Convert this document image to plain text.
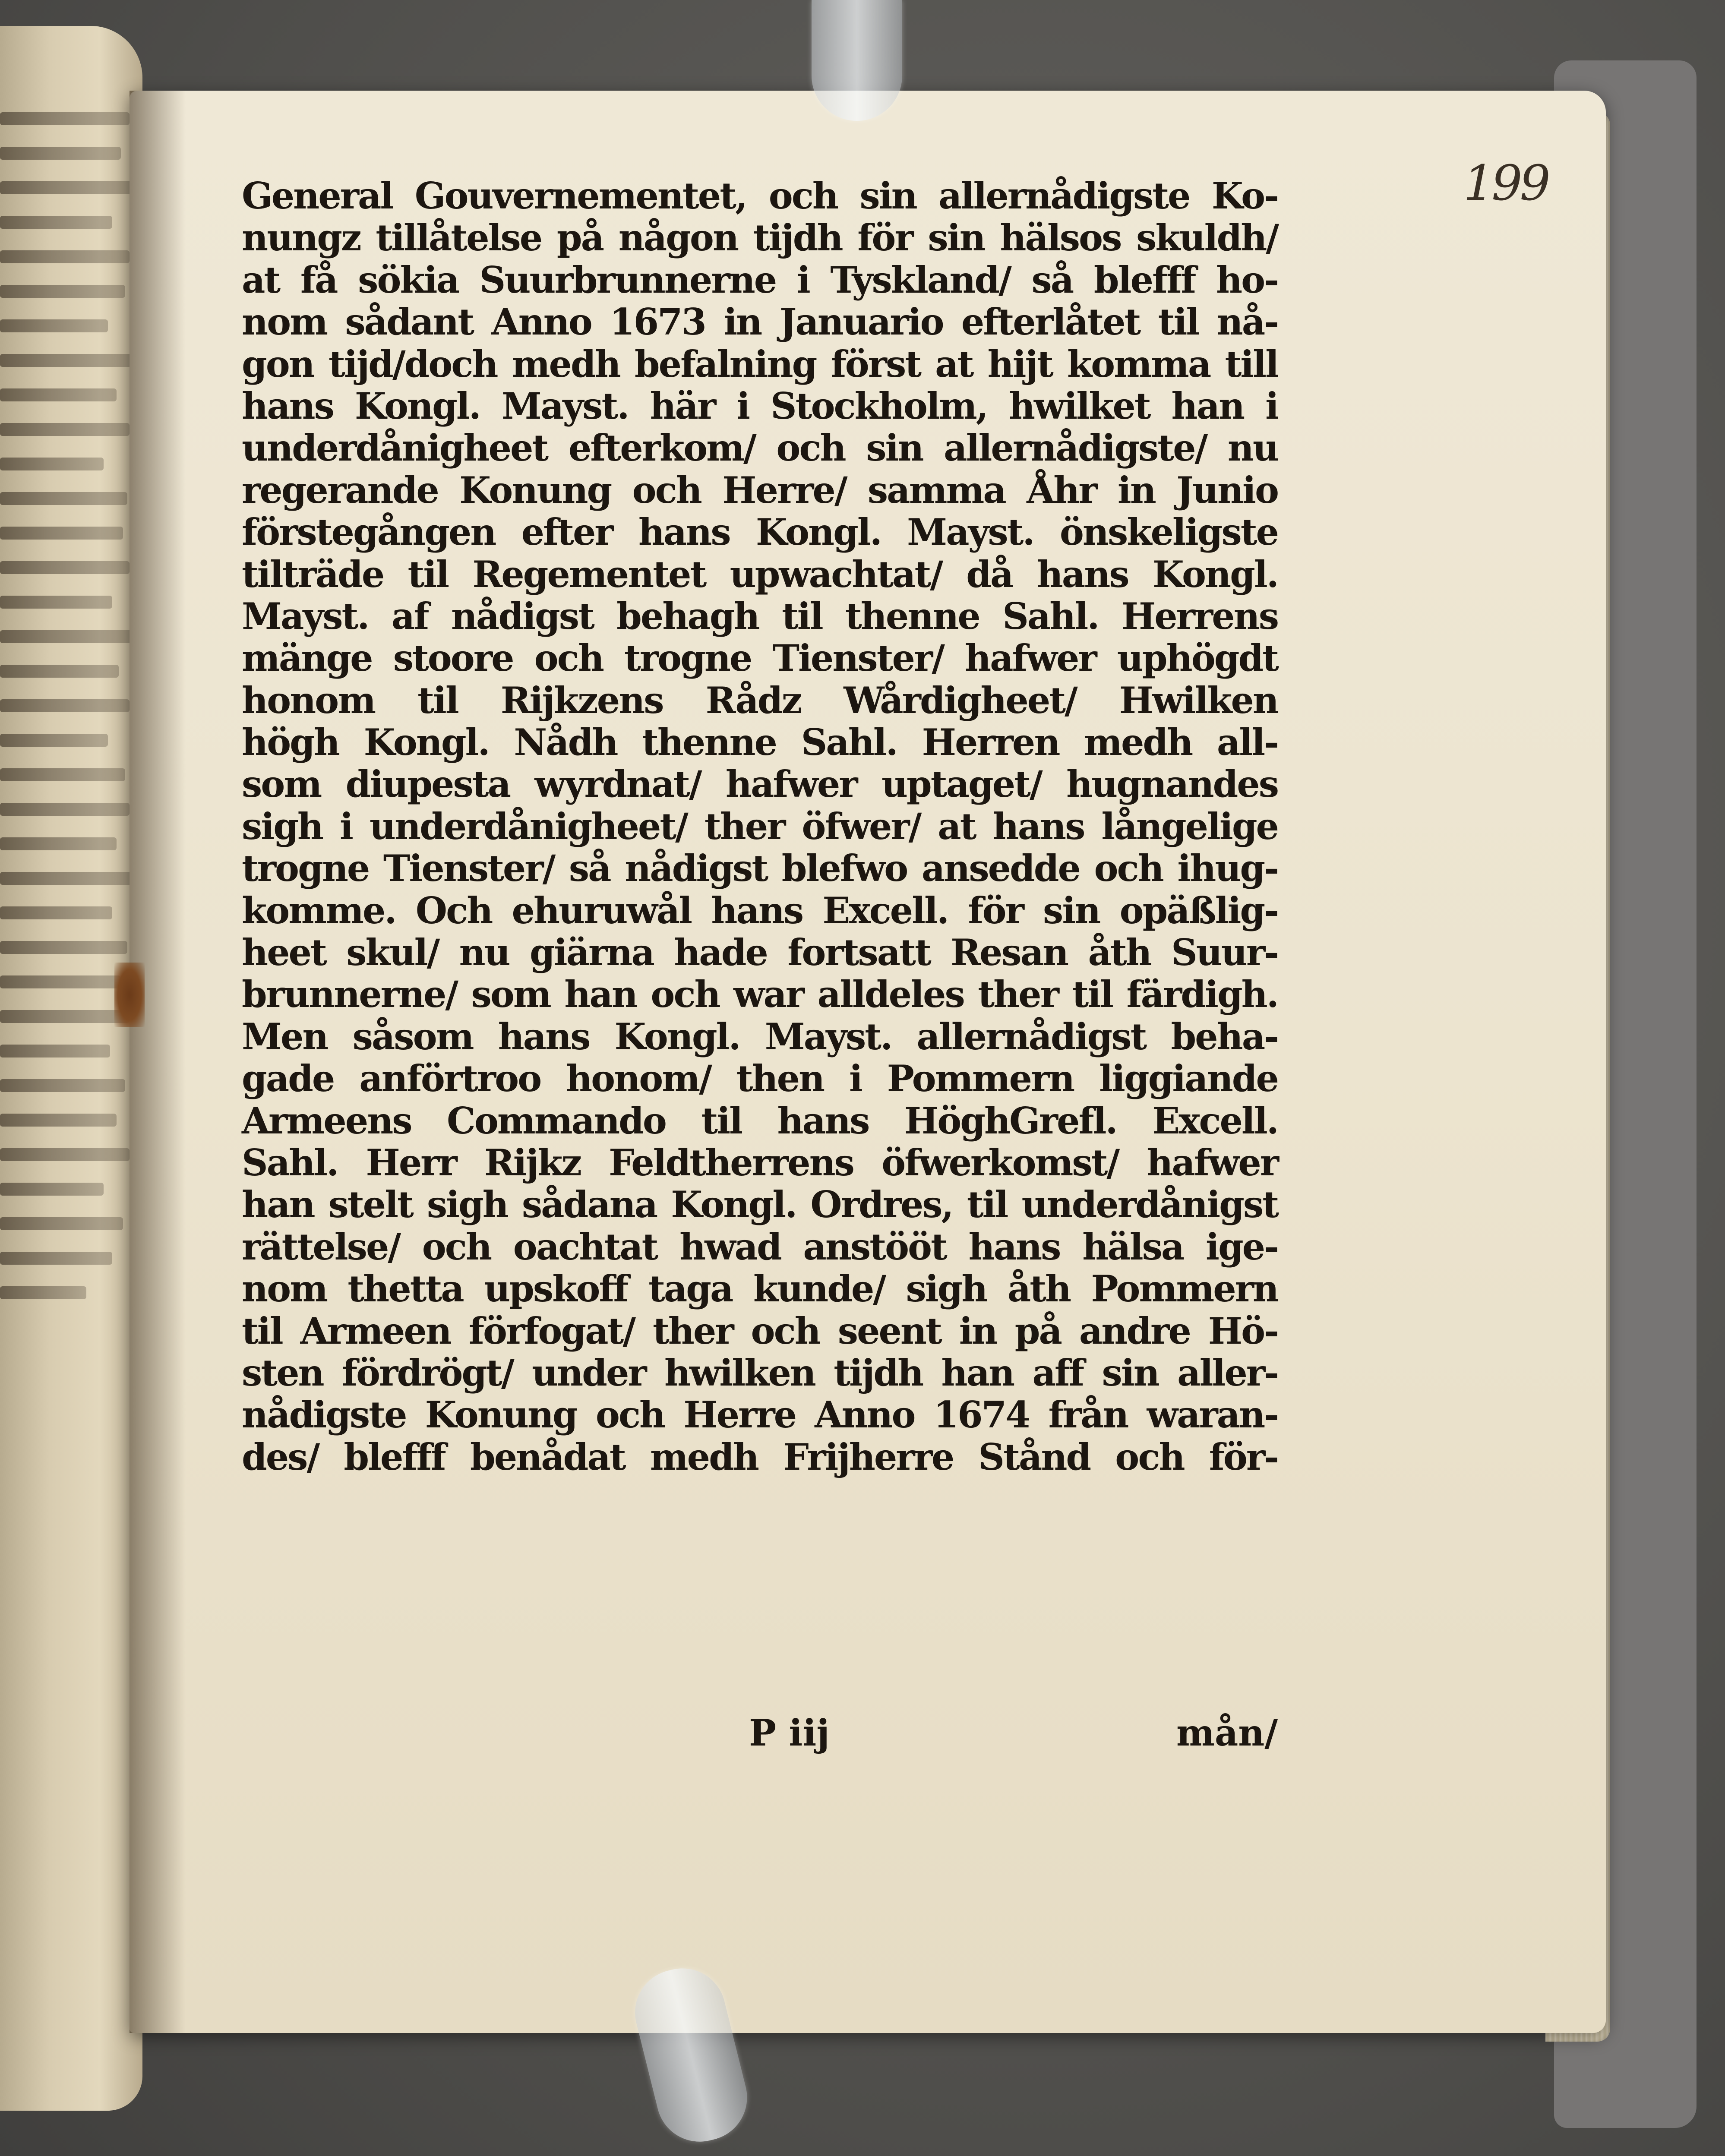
199
General Gouvernementet, och sin allernådigste Ko-
nungz tillåtelse på någon tijdh för sin hälsos skuldh/
at få sökia Suurbrunnerne i Tyskland/ så blefff ho-
nom sådant Anno 1673 in Januario efterlåtet til nå-
gon tijd/doch medh befalning först at hijt komma till
hans Kongl. Mayst. här i Stockholm, hwilket han i
underdånigheet efterkom/ och sin allernådigste/ nu
regerande Konung och Herre/ samma Åhr in Junio
förstegången efter hans Kongl. Mayst. önskeligste
tilträde til Regementet upwachtat/ då hans Kongl.
Mayst. af nådigst behagh til thenne Sahl. Herrens
mänge stoore och trogne Tienster/ hafwer uphögdt
honom til Rijkzens Rådz Wårdigheet/ Hwilken
högh Kongl. Nådh thenne Sahl. Herren medh all-
som diupesta wyrdnat/ hafwer uptaget/ hugnandes
sigh i underdånigheet/ ther öfwer/ at hans långelige
trogne Tienster/ så nådigst blefwo ansedde och ihug-
komme. Och ehuruwål hans Excell. för sin opäßlig-
heet skul/ nu giärna hade fortsatt Resan åth Suur-
brunnerne/ som han och war alldeles ther til färdigh.
Men såsom hans Kongl. Mayst. allernådigst beha-
gade anförtroo honom/ then i Pommern liggiande
Armeens Commando til hans HöghGrefl. Excell.
Sahl. Herr Rijkz Feldtherrens öfwerkomst/ hafwer
han stelt sigh sådana Kongl. Ordres, til underdånigst
rättelse/ och oachtat hwad anstööt hans hälsa ige-
nom thetta upskoff taga kunde/ sigh åth Pommern
til Armeen förfogat/ ther och seent in på andre Hö-
sten fördrögt/ under hwilken tijdh han aff sin aller-
nådigste Konung och Herre Anno 1674 från waran-
des/ blefff benådat medh Frijherre Stånd och för-
P iij	mån/
